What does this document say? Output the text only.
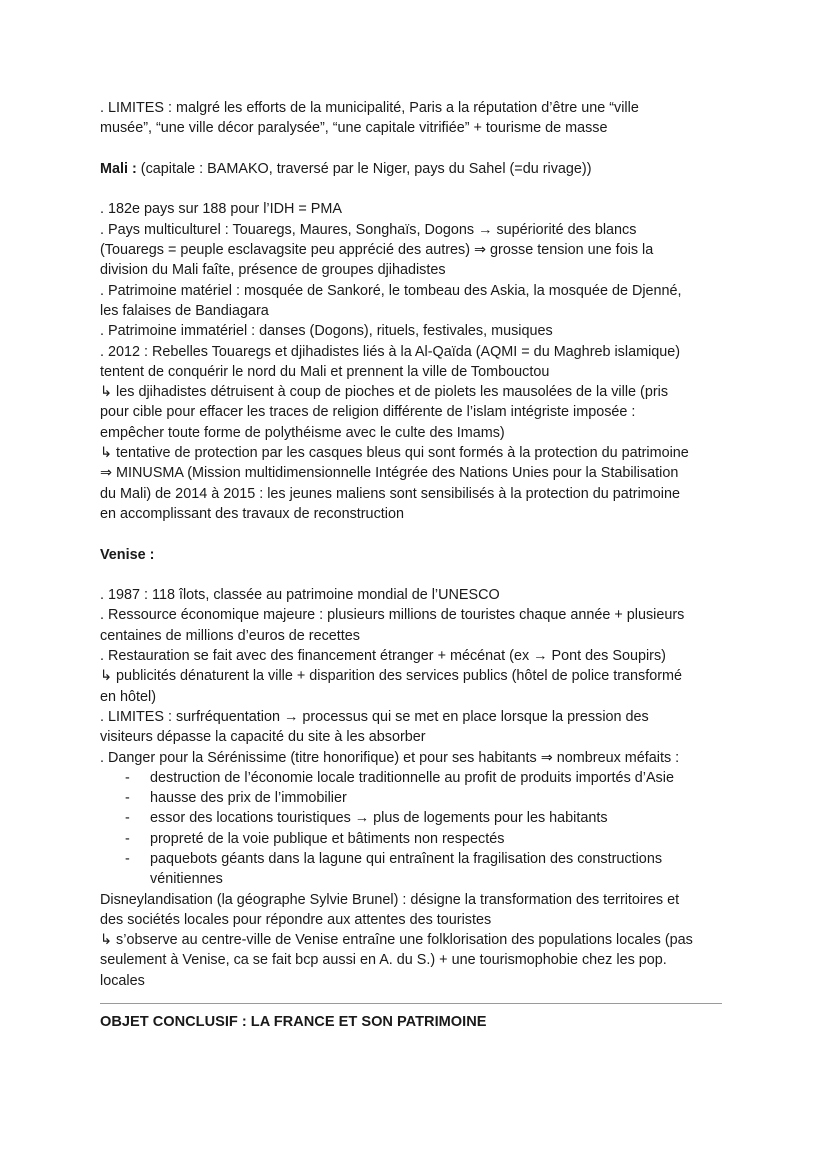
. LIMITES : malgré les efforts de la municipalité, Paris a la réputation d’être une “ville
musée”, “une ville décor paralysée”, “une capitale vitrifiée” + tourisme de masse
Mali : (capitale : BAMAKO, traversé par le Niger, pays du Sahel (=du rivage))
. 182e pays sur 188 pour l’IDH = PMA
. Pays multiculturel : Touaregs, Maures, Songhaïs, Dogons → supériorité des blancs
(Touaregs = peuple esclavagsite peu apprécié des autres) ⇒ grosse tension une fois la
division du Mali faîte, présence de groupes djihadistes
. Patrimoine matériel : mosquée de Sankoré, le tombeau des Askia, la mosquée de Djenné,
les falaises de Bandiagara
. Patrimoine immatériel : danses (Dogons), rituels, festivales, musiques
. 2012 : Rebelles Touaregs et djihadistes liés à la Al-Qaïda (AQMI = du Maghreb islamique)
tentent de conquérir le nord du Mali et prennent la ville de Tombouctou
↳ les djihadistes détruisent à coup de pioches et de piolets les mausolées de la ville (pris
pour cible pour effacer les traces de religion différente de l’islam intégriste imposée :
empêcher toute forme de polythéisme avec le culte des Imams)
↳ tentative de protection par les casques bleus qui sont formés à la protection du patrimoine
⇒ MINUSMA (Mission multidimensionnelle Intégrée des Nations Unies pour la Stabilisation
du Mali) de 2014 à 2015 : les jeunes maliens sont sensibilisés à la protection du patrimoine
en accomplissant des travaux de reconstruction
Venise :
. 1987 : 118 îlots, classée au patrimoine mondial de l’UNESCO
. Ressource économique majeure : plusieurs millions de touristes chaque année + plusieurs
centaines de millions d’euros de recettes
. Restauration se fait avec des financement étranger + mécénat (ex → Pont des Soupirs)
↳ publicités dénaturent la ville + disparition des services publics (hôtel de police transformé
en hôtel)
. LIMITES : surfréquentation → processus qui se met en place lorsque la pression des
visiteurs dépasse la capacité du site à les absorber
. Danger pour la Sérénissime (titre honorifique) et pour ses habitants ⇒ nombreux méfaits :
-	destruction de l’économie locale traditionnelle au profit de produits importés d’Asie
-	hausse des prix de l’immobilier
-	essor des locations touristiques → plus de logements pour les habitants
-	propreté de la voie publique et bâtiments non respectés
-	paquebots géants dans la lagune qui entraînent la fragilisation des constructions
vénitiennes
Disneylandisation (la géographe Sylvie Brunel) : désigne la transformation des territoires et
des sociétés locales pour répondre aux attentes des touristes
↳ s’observe au centre-ville de Venise entraîne une folklorisation des populations locales (pas
seulement à Venise, ca se fait bcp aussi en A. du S.) + une tourismophobie chez les pop.
locales
OBJET CONCLUSIF : LA FRANCE ET SON PATRIMOINE
